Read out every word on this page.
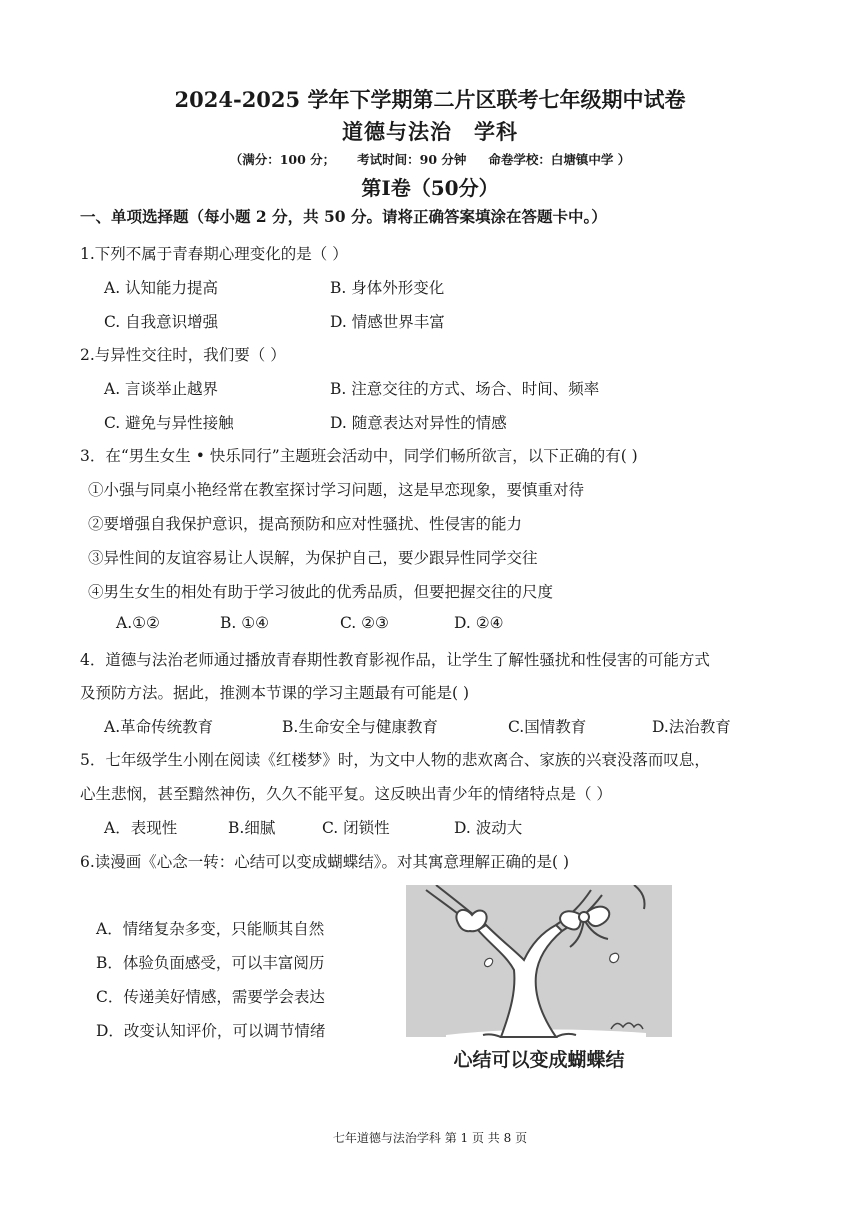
2024-2025 学年下学期第二片区联考七年级期中试卷
道德与法治 学科
（满分：100 分； 考试时间：90 分钟 命卷学校：白塘镇中学 ）
第Ⅰ卷（50分）
一、单项选择题（每小题 2 分，共 50 分。请将正确答案填涂在答题卡中。）
1.下列不属于青春期心理变化的是（ ）
A. 认知能力提高	B. 身体外形变化
C. 自我意识增强	D. 情感世界丰富
2.与异性交往时，我们要（ ）
A. 言谈举止越界	B. 注意交往的方式、场合、时间、频率
C. 避免与异性接触	D. 随意表达对异性的情感
3．在“男生女生 • 快乐同行”主题班会活动中，同学们畅所欲言，以下正确的有( )
①小强与同桌小艳经常在教室探讨学习问题，这是早恋现象，要慎重对待
②要增强自我保护意识，提高预防和应对性骚扰、性侵害的能力
③异性间的友谊容易让人误解，为保护自己，要少跟异性同学交往
④男生女生的相处有助于学习彼此的优秀品质，但要把握交往的尺度
A.①②	B. ①④	C. ②③	D. ②④
4．道德与法治老师通过播放青春期性教育影视作品，让学生了解性骚扰和性侵害的可能方式
及预防方法。据此，推测本节课的学习主题最有可能是( )
A.革命传统教育	B.生命安全与健康教育	C.国情教育	D.法治教育
5．七年级学生小刚在阅读《红楼梦》时，为文中人物的悲欢离合、家族的兴衰没落而叹息，
心生悲悯，甚至黯然神伤，久久不能平复。这反映出青少年的情绪特点是（ ）
A．表现性	B.细腻	C. 闭锁性	D. 波动大
6.读漫画《心念一转：心结可以变成蝴蝶结》。对其寓意理解正确的是( )
A．情绪复杂多变，只能顺其自然
B．体验负面感受，可以丰富阅历
C．传递美好情感，需要学会表达
D．改变认知评价，可以调节情绪
心结可以变成蝴蝶结
七年道德与法治学科 第 1 页 共 8 页
